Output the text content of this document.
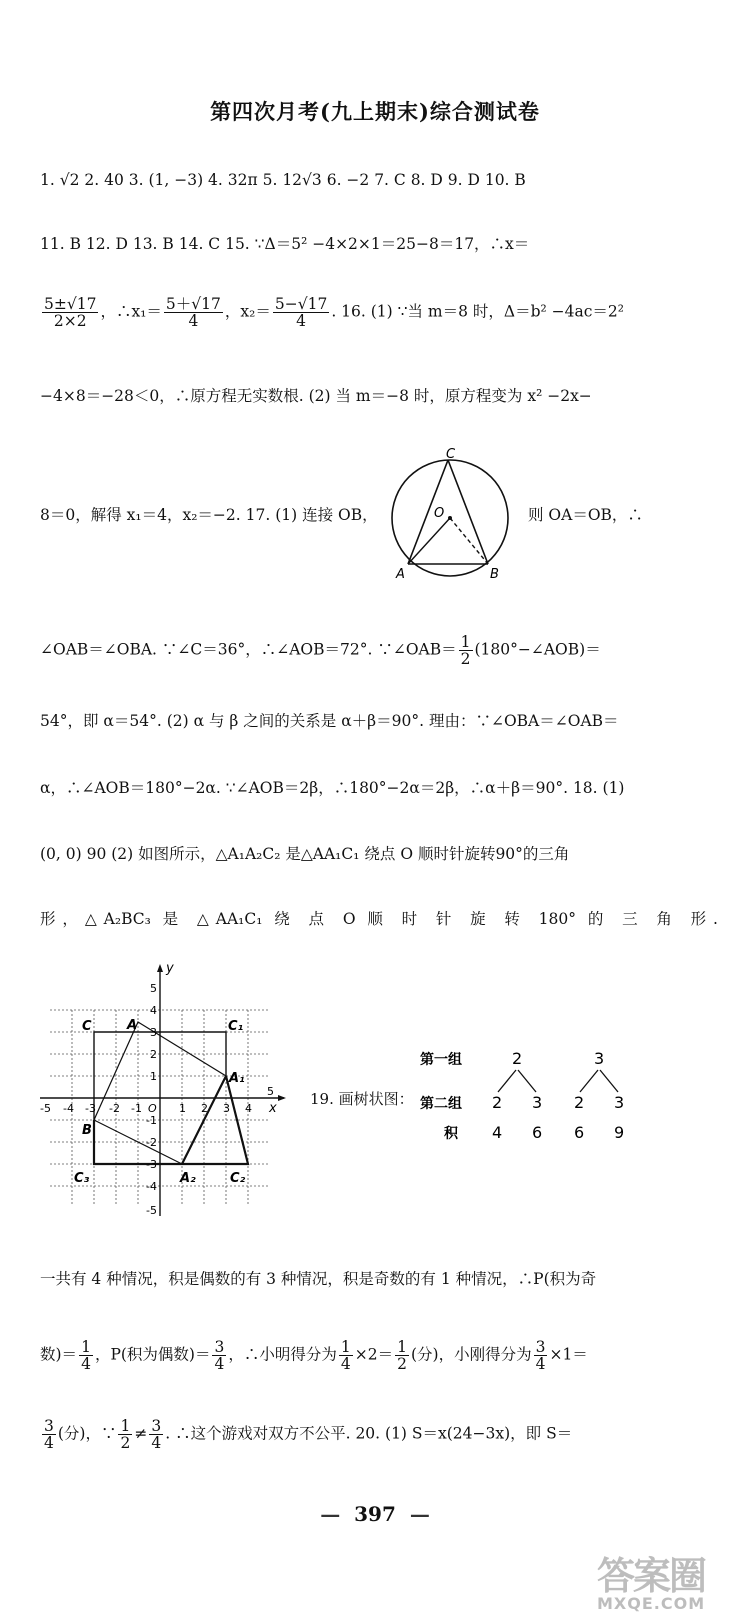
第四次月考(九上期末)综合测试卷
1. √2 2. 40 3. (1, −3) 4. 32π 5. 12√3 6. −2 7. C 8. D 9. D 10. B
11. B 12. D 13. B 14. C 15. ∵Δ＝5² −4×2×1＝25−8＝17，∴x＝
$\frac{5\pm√17}{2\times 2}$ ，∴x₁＝ $\frac{5+√17}{4}$ ，$x_2= \frac{5-√17}{4}$ . 16. (1) ∵当 m＝8 时，Δ＝b² −4ac＝2²
−4×8＝−28＜0，∴原方程无实数根. (2) 当 m＝−8 时，原方程变为 x² −2x−
8＝0，解得 x₁＝4，x₂＝−2. 17. (1) 连接 OB，	则 OA＝OB，∴
C
O
A	B
∠OAB＝∠OBA. ∵∠C＝36°，∴∠AOB＝72°. ∵∠OAB＝ $\frac{1}{2}$ (180°−∠AOB)＝
54°，即 α＝54°. (2) α 与 β 之间的关系是 α＋β＝90°. 理由：∵∠OBA＝∠OAB＝
α，∴∠AOB＝180°−2α. ∵∠AOB＝2β，∴180°−2α＝2β，∴α＋β＝90°. 18. (1)
(0, 0) 90 (2) 如图所示，△A₁A₂C₂ 是△AA₁C₁ 绕点 O 顺时针旋转90°的三角
形，△A₂BC₃ 是 △AA₁C₁ 绕 点 O 顺 时 针 旋 转 180° 的 三 角 形.
x
y
-5 -4 -3 -2 -1 O 1 2 3 4
5
5
4
3
2
1
-1
-2
-3
-4
-5
C	A	C₁
A₁
B
C₃	A₂	C₂
19. 画树状图：
第一组
第二组
积
2	3
2 3 2 3
4 6 6 9
一共有 4 种情况，积是偶数的有 3 种情况，积是奇数的有 1 种情况，∴P(积为奇
数)＝ $\frac{1}{4}$ ，P(积为偶数)＝ $\frac{3}{4}$ ，∴小明得分为 $\frac{1}{4} \times 2= \frac{1}{2}$ (分)，小刚得分为 $\frac{3}{4} \times 1=$
$\frac{3}{4}$ (分)，∵ $\frac{1}{2} \ne \frac{3}{4}$ . ∴这个游戏对双方不公平. 20. (1) S＝x(24−3x)，即 S＝
— 397 —
答案圈
MXQE.COM
